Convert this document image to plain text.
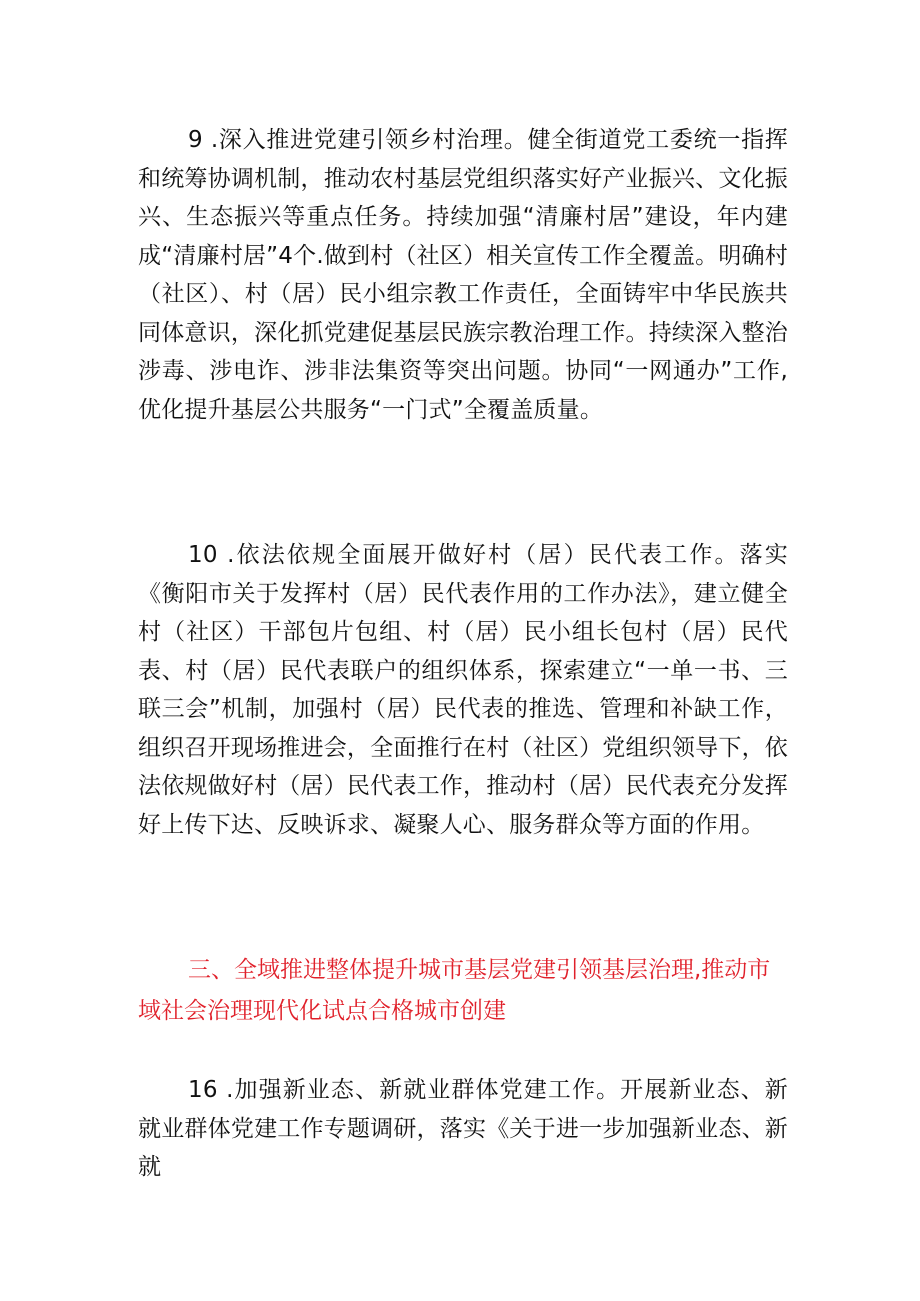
9 .深入推进党建引领乡村治理。健全街道党工委统一指挥和统筹协调机制，推动农村基层党组织落实好产业振兴、文化振兴、生态振兴等重点任务。持续加强“清廉村居”建设，年内建成“清廉村居”4个.做到村（社区）相关宣传工作全覆盖。明确村（社区）、村（居）民小组宗教工作责任，全面铸牢中华民族共同体意识，深化抓党建促基层民族宗教治理工作。持续深入整治涉毒、涉电诈、涉非法集资等突出问题。协同“一网通办”工作,优化提升基层公共服务“一门式”全覆盖质量。

10 .依法依规全面展开做好村（居）民代表工作。落实《衡阳市关于发挥村（居）民代表作用的工作办法》，建立健全村（社区）干部包片包组、村（居）民小组长包村（居）民代表、村（居）民代表联户的组织体系，探索建立“一单一书、三联三会”机制，加强村（居）民代表的推选、管理和补缺工作，组织召开现场推进会，全面推行在村（社区）党组织领导下，依法依规做好村（居）民代表工作，推动村（居）民代表充分发挥好上传下达、反映诉求、凝聚人心、服务群众等方面的作用。

三、全域推进整体提升城市基层党建引领基层治理,推动市域社会治理现代化试点合格城市创建

16 .加强新业态、新就业群体党建工作。开展新业态、新就业群体党建工作专题调研，落实《关于进一步加强新业态、新就
